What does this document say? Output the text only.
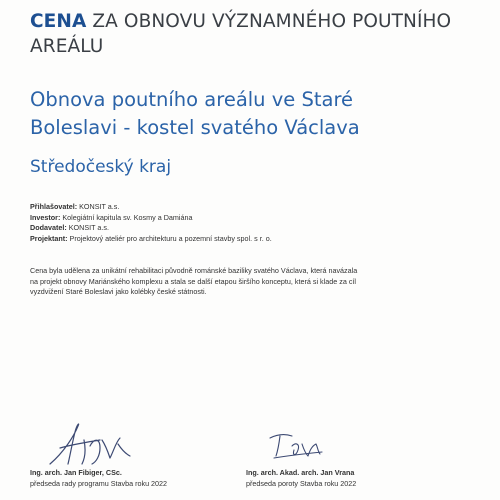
CENA ZA OBNOVU VÝZNAMNÉHO POUTNÍHO AREÁLU
Obnova poutního areálu ve Staré
Boleslavi - kostel svatého Václava
Středočeský kraj
Přihlašovatel: KONSIT a.s.
Investor: Kolegiátní kapitula sv. Kosmy a Damiána
Dodavatel: KONSIT a.s.
Projektant: Projektový ateliér pro architekturu a pozemní stavby spol. s r. o.
Cena byla udělena za unikátní rehabilitaci původně románské baziliky svatého Václava, která navázala
na projekt obnovy Mariánského komplexu a stala se další etapou širšího konceptu, která si klade za cíl
vyzdvižení Staré Boleslavi jako kolébky české státnosti.
Ing. arch. Jan Fibiger, CSc.
předseda rady programu Stavba roku 2022
Ing. arch. Akad. arch. Jan Vrana
předseda poroty Stavba roku 2022
